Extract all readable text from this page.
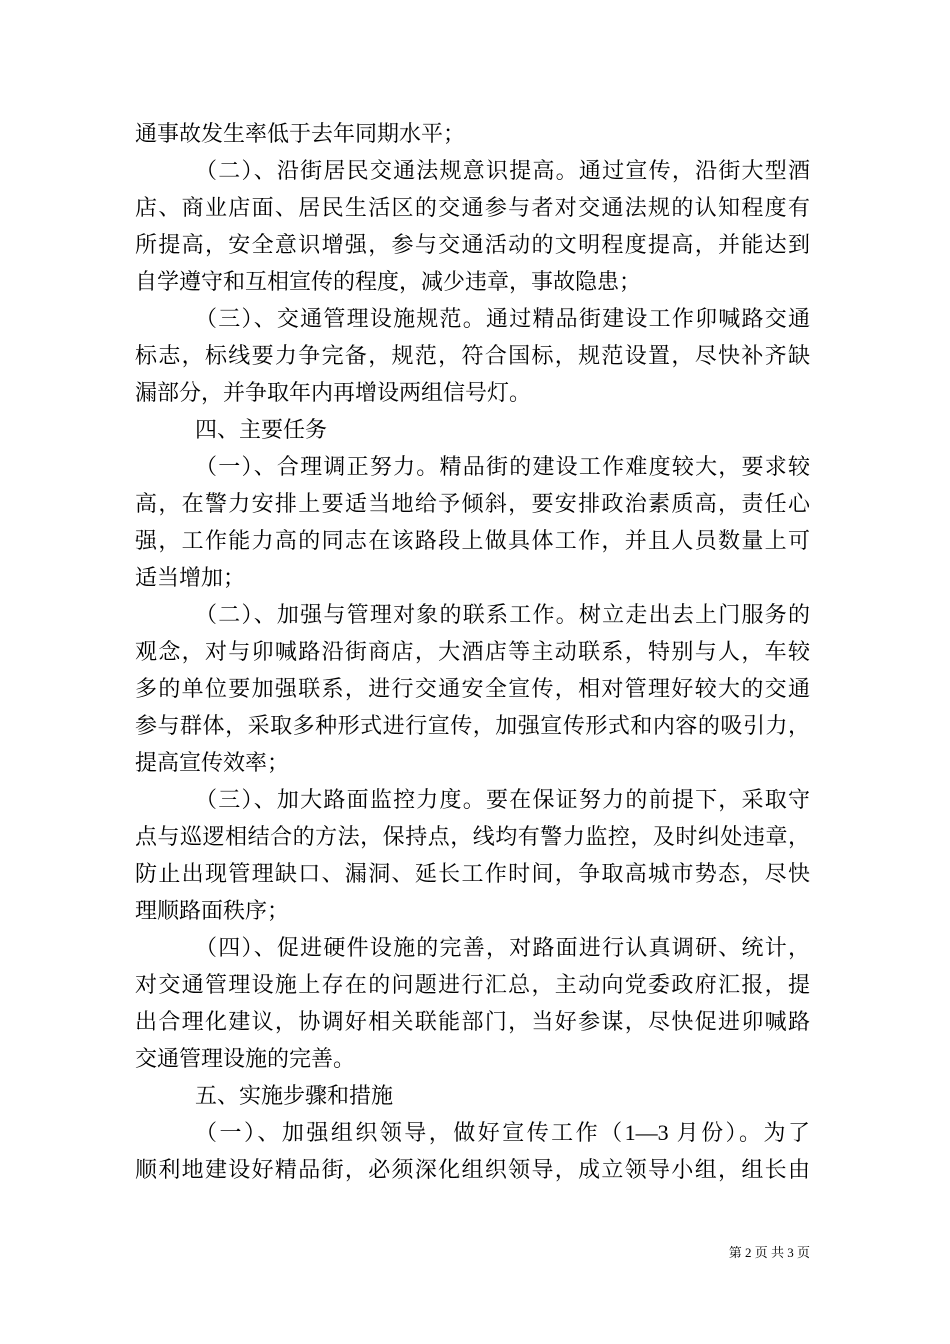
通事故发生率低于去年同期水平；
（二）、沿街居民交通法规意识提高。通过宣传，沿街大型酒
店、商业店面、居民生活区的交通参与者对交通法规的认知程度有
所提高，安全意识增强，参与交通活动的文明程度提高，并能达到
自学遵守和互相宣传的程度，减少违章，事故隐患；
（三）、交通管理设施规范。通过精品街建设工作卯喊路交通
标志，标线要力争完备，规范，符合国标，规范设置，尽快补齐缺
漏部分，并争取年内再增设两组信号灯。
四、主要任务
（一）、合理调正努力。精品街的建设工作难度较大，要求较
高，在警力安排上要适当地给予倾斜，要安排政治素质高，责任心
强，工作能力高的同志在该路段上做具体工作，并且人员数量上可
适当增加；
（二）、加强与管理对象的联系工作。树立走出去上门服务的
观念，对与卯喊路沿街商店，大酒店等主动联系，特别与人，车较
多的单位要加强联系，进行交通安全宣传，相对管理好较大的交通
参与群体，采取多种形式进行宣传，加强宣传形式和内容的吸引力，
提高宣传效率；
（三）、加大路面监控力度。要在保证努力的前提下，采取守
点与巡逻相结合的方法，保持点，线均有警力监控，及时纠处违章，
防止出现管理缺口、漏洞、延长工作时间，争取高城市势态，尽快
理顺路面秩序；
（四）、促进硬件设施的完善，对路面进行认真调研、统计，
对交通管理设施上存在的问题进行汇总，主动向党委政府汇报，提
出合理化建议，协调好相关联能部门，当好参谋，尽快促进卯喊路
交通管理设施的完善。
五、实施步骤和措施
（一）、加强组织领导，做好宣传工作（1—3 月份）。为了
顺利地建设好精品街，必须深化组织领导，成立领导小组，组长由
第 2 页 共 3 页
